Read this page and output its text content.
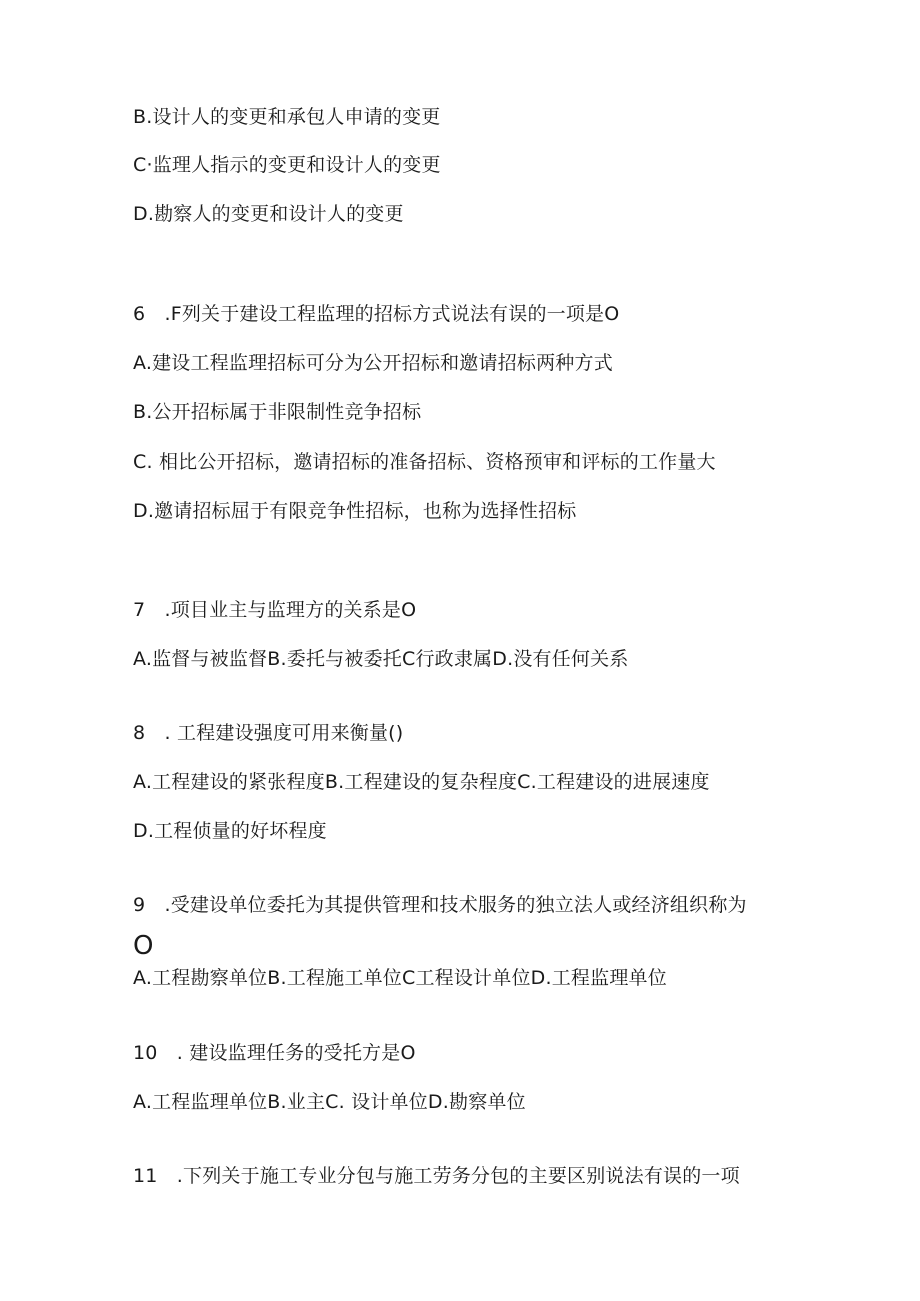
B.设计人的变更和承包人申请的变更
C·监理人指示的变更和设计人的变更
D.勘察人的变更和设计人的变更
6　.F列关于建设工程监理的招标方式说法有误的一项是O
A.建设工程监理招标可分为公开招标和邀请招标两种方式
B.公开招标属于非限制性竞争招标
C. 相比公开招标，邀请招标的准备招标、资格预审和评标的工作量大
D.邀请招标屈于有限竞争性招标，也称为选择性招标
7　.项目业主与监理方的关系是O
A.监督与被监督B.委托与被委托C行政隶属D.没有任何关系
8　. 工程建设强度可用来衡量()
A.工程建设的紧张程度B.工程建设的复杂程度C.工程建设的进展速度
D.工程侦量的好坏程度
9　.受建设单位委托为其提供管理和技术服务的独立法人或经济组织称为
O
A.工程勘察单位B.工程施工单位C工程设计单位D.工程监理单位
10　. 建设监理任务的受托方是O
A.工程监理单位B.业主C. 设计单位D.勘察单位
11　.下列关于施工专业分包与施工劳务分包的主要区别说法有误的一项
